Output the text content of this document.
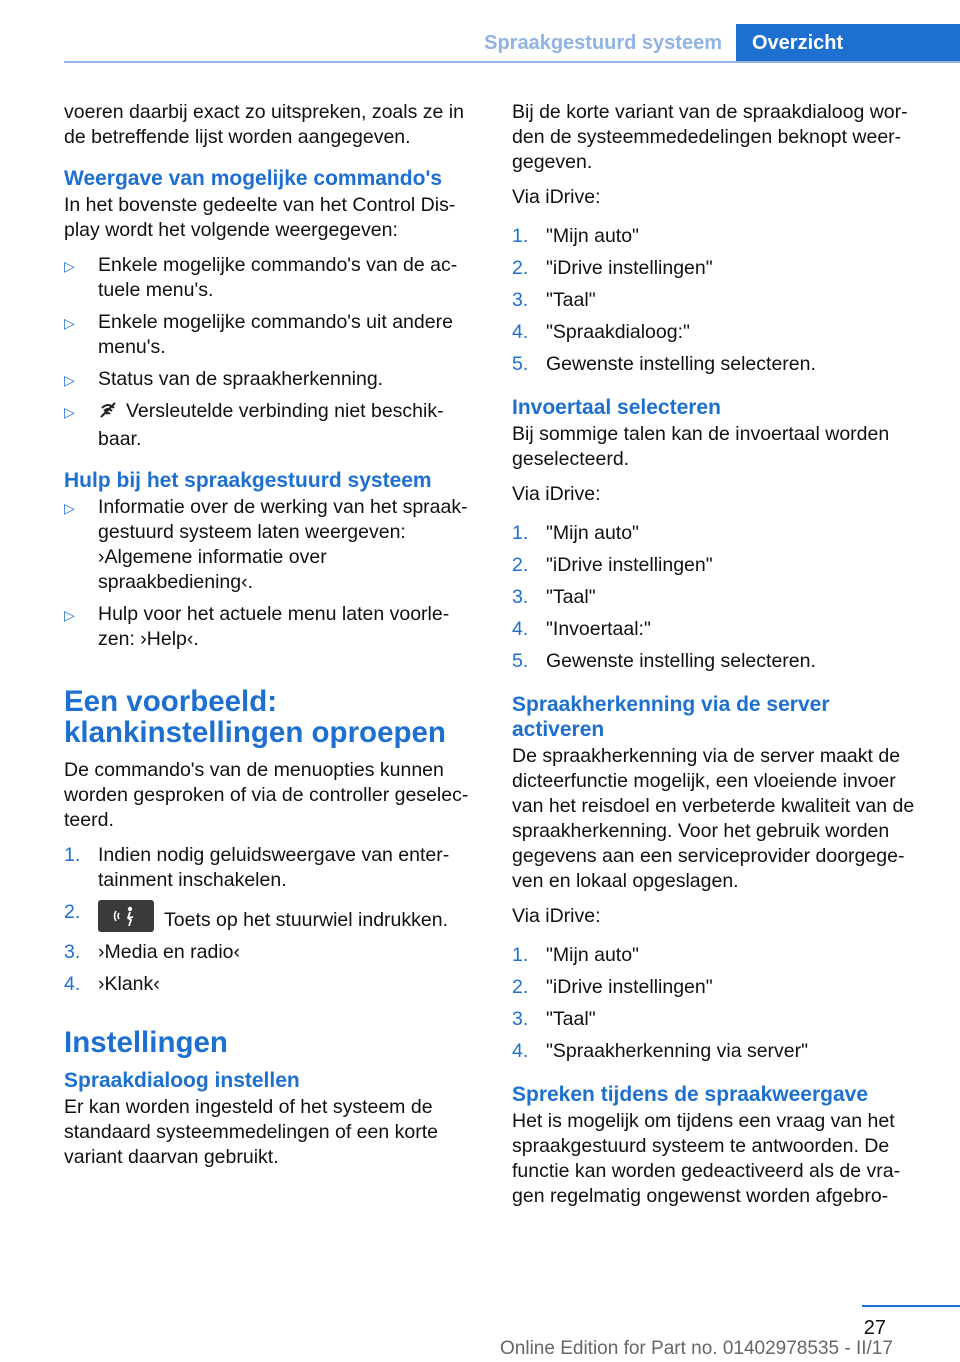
Spraakgestuurd systeem	Overzicht

voeren daarbij exact zo uitspreken, zoals ze in de betreffende lijst worden aangegeven.

Weergave van mogelijke commando's

In het bovenste gedeelte van het Control Display wordt het volgende weergegeven:

▷ Enkele mogelijke commando's van de actuele menu's.
▷ Enkele mogelijke commando's uit andere menu's.
▷ Status van de spraakherkenning.
▷	Versleutelde verbinding niet beschikbaar.
Hulp bij het spraakgestuurd systeem
▷ Informatie over de werking van het spraakgestuurd systeem laten weergeven: ›Algemene informatie over spraakbediening‹.
▷ Hulp voor het actuele menu laten voorlezen: ›Help‹.
Een voorbeeld: klankinstellingen oproepen

De commando's van de menuopties kunnen worden gesproken of via de controller geselecteerd.

1. Indien nodig geluidsweergave van entertainment inschakelen.
2.	Toets op het stuurwiel indrukken.
3. ›Media en radio‹
4. ›Klank‹
Instellingen
Spraakdialoog instellen

Er kan worden ingesteld of het systeem de standaard systeemmedelingen of een korte variant daarvan gebruikt.

Bij de korte variant van de spraakdialoog worden de systeemmededelingen beknopt weergegeven.

Via iDrive:

1. "Mijn auto"
2. "iDrive instellingen"
3. "Taal"
4. "Spraakdialoog:"
5. Gewenste instelling selecteren.
Invoertaal selecteren

Bij sommige talen kan de invoertaal worden geselecteerd.

Via iDrive:

1. "Mijn auto"
2. "iDrive instellingen"
3. "Taal"
4. "Invoertaal:"
5. Gewenste instelling selecteren.
Spraakherkenning via de server activeren

De spraakherkenning via de server maakt de dicteerfunctie mogelijk, een vloeiende invoer van het reisdoel en verbeterde kwaliteit van de spraakherkenning. Voor het gebruik worden gegevens aan een serviceprovider doorgegeven en lokaal opgeslagen.

Via iDrive:

1. "Mijn auto"
2. "iDrive instellingen"
3. "Taal"
4. "Spraakherkenning via server"
Spreken tijdens de spraakweergave

Het is mogelijk om tijdens een vraag van het spraakgestuurd systeem te antwoorden. De functie kan worden gedeactiveerd als de vragen regelmatig ongewenst worden afgebro-

27
Online Edition for Part no. 01402978535 - II/17
